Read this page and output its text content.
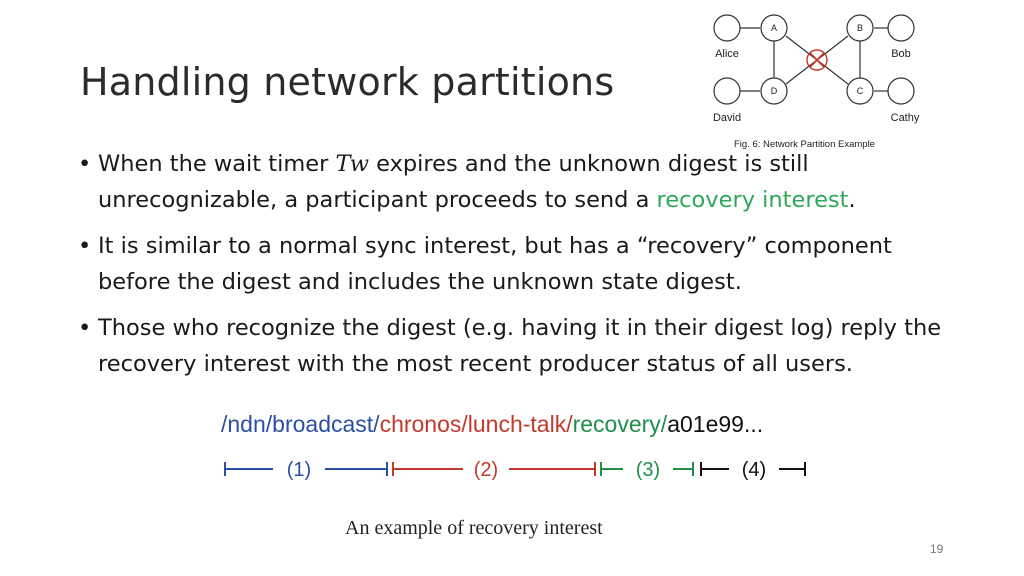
Handling network partitions
A	B
D	C
Alice	Bob
David	Cathy
Fig. 6: Network Partition Example
• When the wait timer Tw expires and the unknown digest is still unrecognizable, a participant proceeds to send a recovery interest.
• It is similar to a normal sync interest, but has a “recovery” component before the digest and includes the unknown state digest.
• Those who recognize the digest (e.g. having it in their digest log) reply the recovery interest with the most recent producer status of all users.

/ndn/broadcast/chronos/lunch-talk/recovery/a01e99...

(1)	(2)	(3)	(4)

An example of recovery interest

19
